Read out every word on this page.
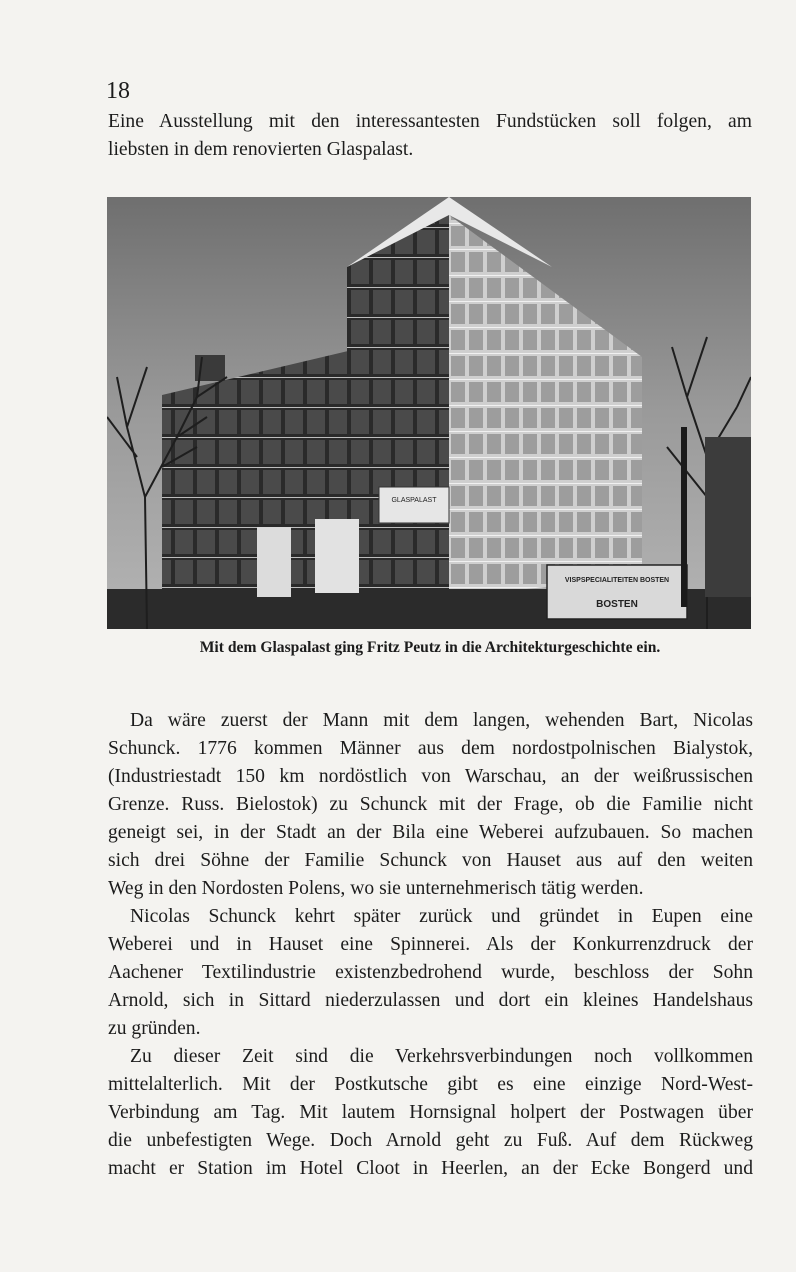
18
Eine Ausstellung mit den interessantesten Fundstücken soll folgen, am
liebsten in dem renovierten Glaspalast.
GLASPALAST
VISPSPECIALITEITEN BOSTEN
BOSTEN
Mit dem Glaspalast ging Fritz Peutz in die Architekturgeschichte ein.
Da wäre zuerst der Mann mit dem langen, wehenden Bart, Nicolas
Schunck. 1776 kommen Männer aus dem nordostpolnischen Bialystok,
(Industriestadt 150 km nordöstlich von Warschau, an der weißrussischen
Grenze. Russ. Bielostok) zu Schunck mit der Frage, ob die Familie nicht
geneigt sei, in der Stadt an der Bila eine Weberei aufzubauen. So machen
sich drei Söhne der Familie Schunck von Hauset aus auf den weiten
Weg in den Nordosten Polens, wo sie unternehmerisch tätig werden.
Nicolas Schunck kehrt später zurück und gründet in Eupen eine
Weberei und in Hauset eine Spinnerei. Als der Konkurrenzdruck der
Aachener Textilindustrie existenzbedrohend wurde, beschloss der Sohn
Arnold, sich in Sittard niederzulassen und dort ein kleines Handelshaus
zu gründen.
Zu dieser Zeit sind die Verkehrsverbindungen noch vollkommen
mittelalterlich. Mit der Postkutsche gibt es eine einzige Nord-West-
Verbindung am Tag. Mit lautem Hornsignal holpert der Postwagen über
die unbefestigten Wege. Doch Arnold geht zu Fuß. Auf dem Rückweg
macht er Station im Hotel Cloot in Heerlen, an der Ecke Bongerd und
